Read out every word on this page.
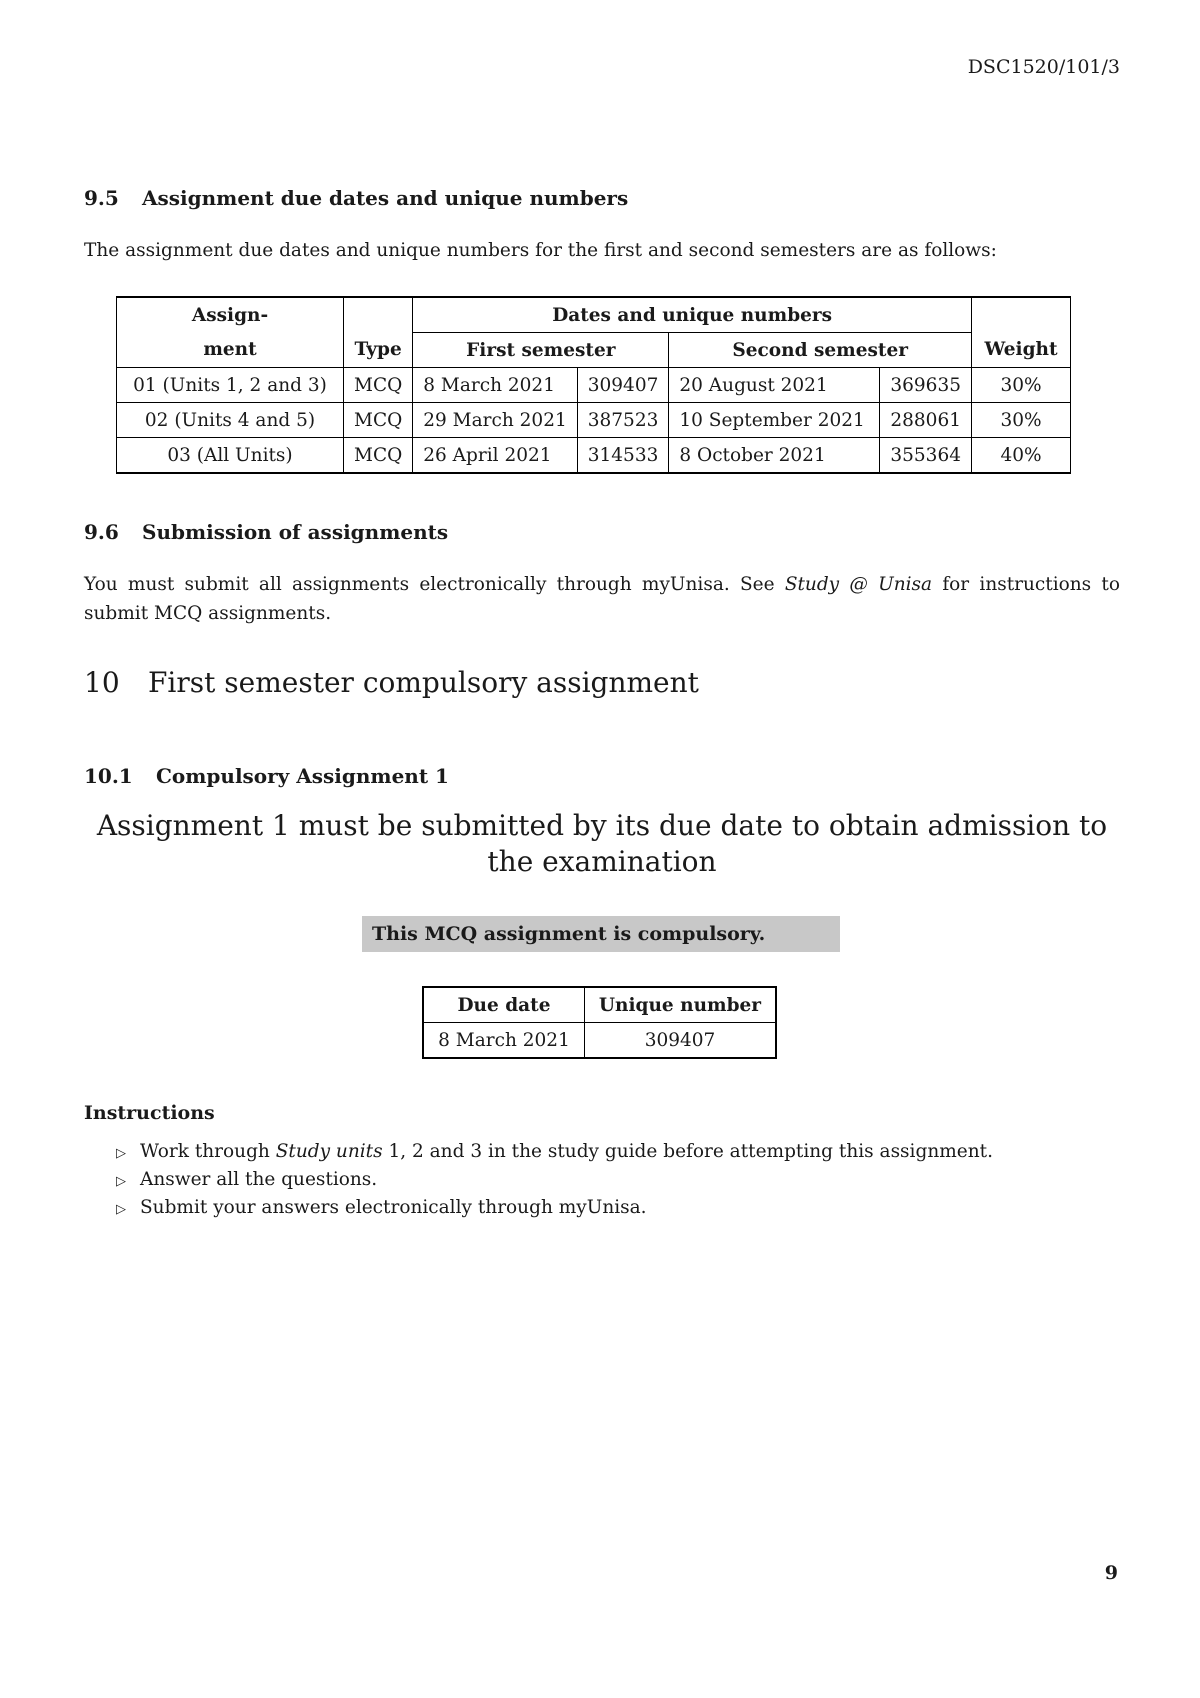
DSC1520/101/3
9.5 Assignment due dates and unique numbers
The assignment due dates and unique numbers for the first and second semesters are as follows:
Assign-		Dates and unique numbers				
ment	Type	First semester		Second semester		Weight
01 (Units 1, 2 and 3)	MCQ	8 March 2021	309407	20 August 2021	369635	30%
02 (Units 4 and 5)	MCQ	29 March 2021	387523	10 September 2021	288061	30%
03 (All Units)	MCQ	26 April 2021	314533	8 October 2021	355364	40%
9.6 Submission of assignments
You must submit all assignments electronically through myUnisa. See Study @ Unisa for instructions to submit MCQ assignments.
10 First semester compulsory assignment
10.1 Compulsory Assignment 1
Assignment 1 must be submitted by its due date to obtain admission to the examination
This MCQ assignment is compulsory.
Due date	Unique number
8 March 2021	309407
Instructions
▷ Work through Study units 1, 2 and 3 in the study guide before attempting this assignment.
▷ Answer all the questions.
▷ Submit your answers electronically through myUnisa.
9
